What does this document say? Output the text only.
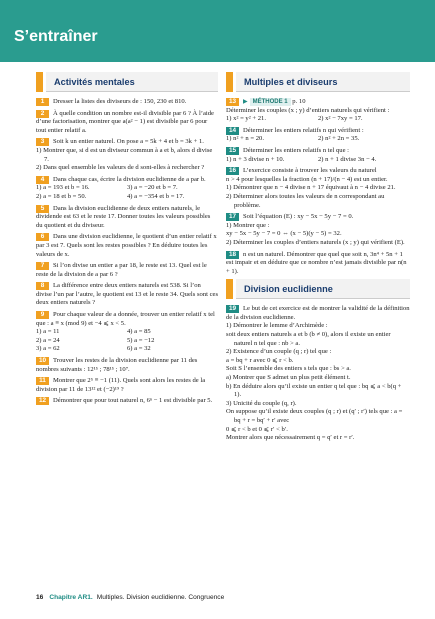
S’entraîner
Activités mentales

1 Dresser la listes des diviseurs de : 150, 230 et 810.

2 À quelle condition un nombre est-il divisible par 6 ? À l’aide d’une factorisation, montrer que a(a² − 1) est divisible par 6 pour tout entier relatif a.

3 Soit k un entier naturel. On pose a = 5k + 4 et b = 3k + 1.

1) Montrer que, si d est un diviseur commun à a et b, alors d divise 7.
2) Dans quel ensemble les valeurs de d sont-elles à rechercher ?

4 Dans chaque cas, écrire la division euclidienne de a par b.

1) a = 193 et b = 16.	3) a = −20 et b = 7.
2) a = 18 et b = 50.	4) a = −354 et b = 17.

5 Dans la division euclidienne de deux entiers naturels, le dividende est 63 et le reste 17. Donner toutes les valeurs possibles du quotient et du diviseur.

6 Dans une division euclidienne, le quotient d’un entier relatif x par 3 est 7. Quels sont les restes possibles ? En déduire toutes les valeurs de x.

7 Si l’on divise un entier a par 18, le reste est 13. Quel est le reste de la division de a par 6 ?

8 La différence entre deux entiers naturels est 538. Si l’on divise l’un par l’autre, le quotient est 13 et le reste 34. Quels sont ces deux entiers naturels ?

9 Pour chaque valeur de a donnée, trouver un entier relatif x tel que : a ≡ x (mod 9) et −4 ⩽ x < 5.

1) a = 11	4) a = 85
2) a = 24	5) a = −12
3) a = 62	6) a = 32

10 Trouver les restes de la division euclidienne par 11 des nombres suivants : 12¹⁵ ; 78¹⁵ ; 10⁷.

11 Montrer que 2⁵ ≡ −1 (11). Quels sont alors les restes de la division par 11 de 13¹² et (−2)¹⁹ ?

12 Démontrer que pour tout naturel n, 6ⁿ − 1 est divisible par 5.

Multiples et diviseurs

13 ▶ MÉTHODE 1 p. 10

Déterminer les couples (x ; y) d’entiers naturels qui vérifient :

1) x² = y² + 21.	2) x² − 7xy = 17.

14 Déterminer les entiers relatifs n qui vérifient :

1) n² + n = 20.	2) n² + 2n = 35.

15 Déterminer les entiers relatifs n tel que :

1) n + 3 divise n + 10.	2) n + 1 divise 3n − 4.

16 L’exercice consiste à trouver les valeurs du naturel

n > 4 pour lesquelles la fraction (n + 17)/(n − 4) est un entier.

1) Démontrer que n − 4 divise n + 17 équivaut à n − 4 divise 21.
2) Déterminer alors toutes les valeurs de n correspondant au problème.

17 Soit l’équation (E) : xy − 5x − 5y − 7 = 0.

1) Montrer que :
xy − 5x − 5y − 7 = 0 ⇔ (x − 5)(y − 5) = 32.
2) Déterminer les couples d’entiers naturels (x ; y) qui vérifient (E).

18 n est un naturel. Démontrer que quel que soit n, 3n⁴ + 5n + 1 est impair et en déduire que ce nombre n’est jamais divisible par n(n + 1).

Division euclidienne

19 Le but de cet exercice est de montrer la validité de la définition de la division euclidienne.

1) Démontrer le lemme d’Archimède :
soit deux entiers naturels a et b (b ≠ 0), alors il existe un entier naturel n tel que : nb > a.
2) Existence d’un couple (q ; r) tel que :
a = bq + r avec 0 ⩽ r < b.
Soit S l’ensemble des entiers s tels que : bs > a.
a) Montrer que S admet un plus petit élément t.
b) En déduire alors qu’il existe un entier q tel que : bq ⩽ a < b(q + 1).
3) Unicité du couple (q, r).
On suppose qu’il existe deux couples (q ; r) et (q′ ; r′) tels que : a = bq + r = bq′ + r′ avec
0 ⩽ r < b et 0 ⩽ r′ < b′.
Montrer alors que nécessairement q = q′ et r = r′.
16 Chapitre AR1. Multiples. Division euclidienne. Congruence
